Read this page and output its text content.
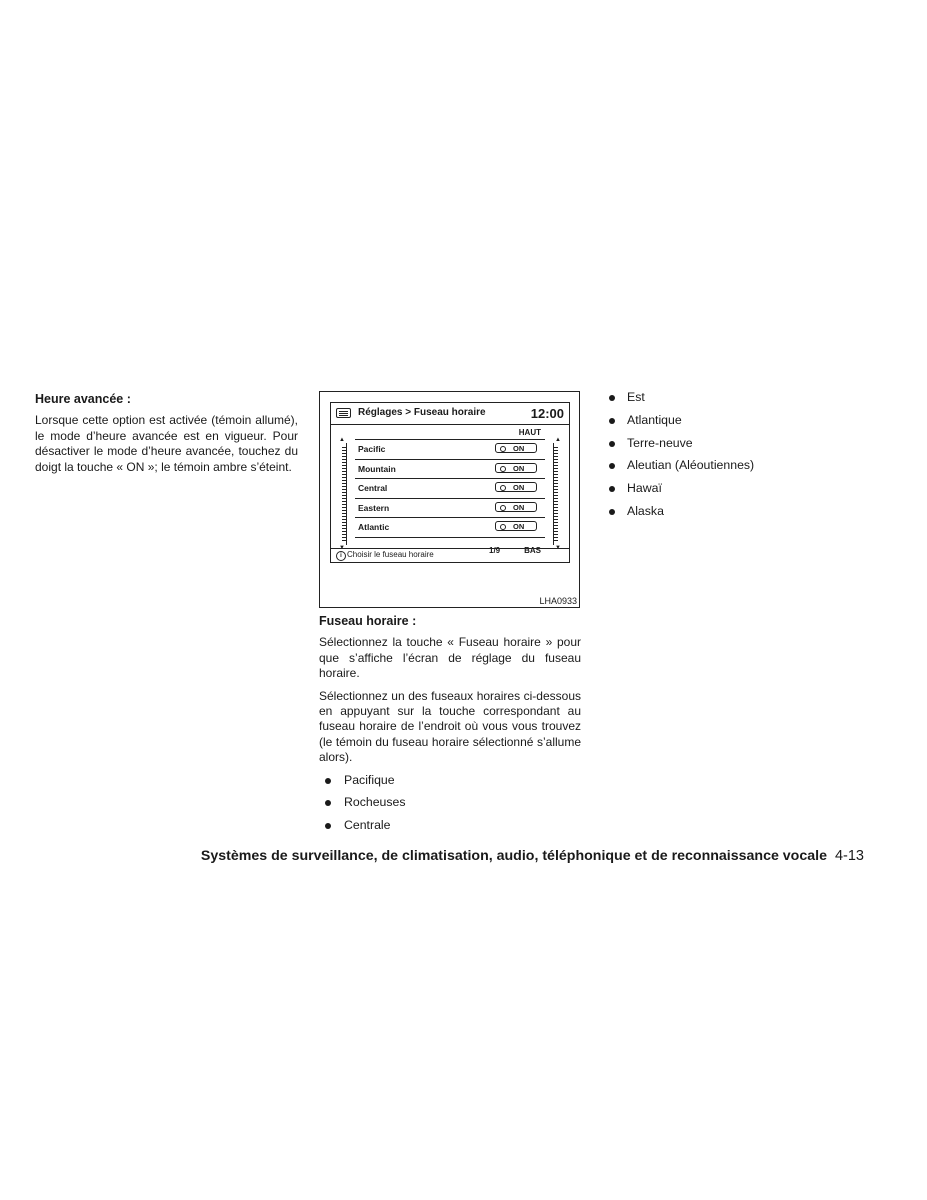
Heure avancée :

Lorsque cette option est activée (témoin allumé), le mode d’heure avancée est en vigueur. Pour désactiver le mode d’heure avancée, touchez du doigt la touche « ON »; le témoin ambre s’éteint.

Réglages > Fuseau horaire	12:00
HAUT
▲
▼
▲
▼
Pacific	ON
Mountain	ON
Central	ON
Eastern	ON
Atlantic	ON
1/9	BAS
i Choisir le fuseau horaire
LHA0933
Fuseau horaire :

Sélectionnez la touche « Fuseau horaire » pour que s’affiche l’écran de réglage du fuseau horaire.

Sélectionnez un des fuseaux horaires ci-dessous en appuyant sur la touche correspondant au fuseau horaire de l’endroit où vous vous trouvez (le témoin du fuseau horaire sélectionné s’allume alors).

Pacifique
Rocheuses
Centrale
Est
Atlantique
Terre-neuve
Aleutian (Aléoutiennes)
Hawaï
Alaska
Systèmes de surveillance, de climatisation, audio, téléphonique et de reconnaissance vocale 4-13
